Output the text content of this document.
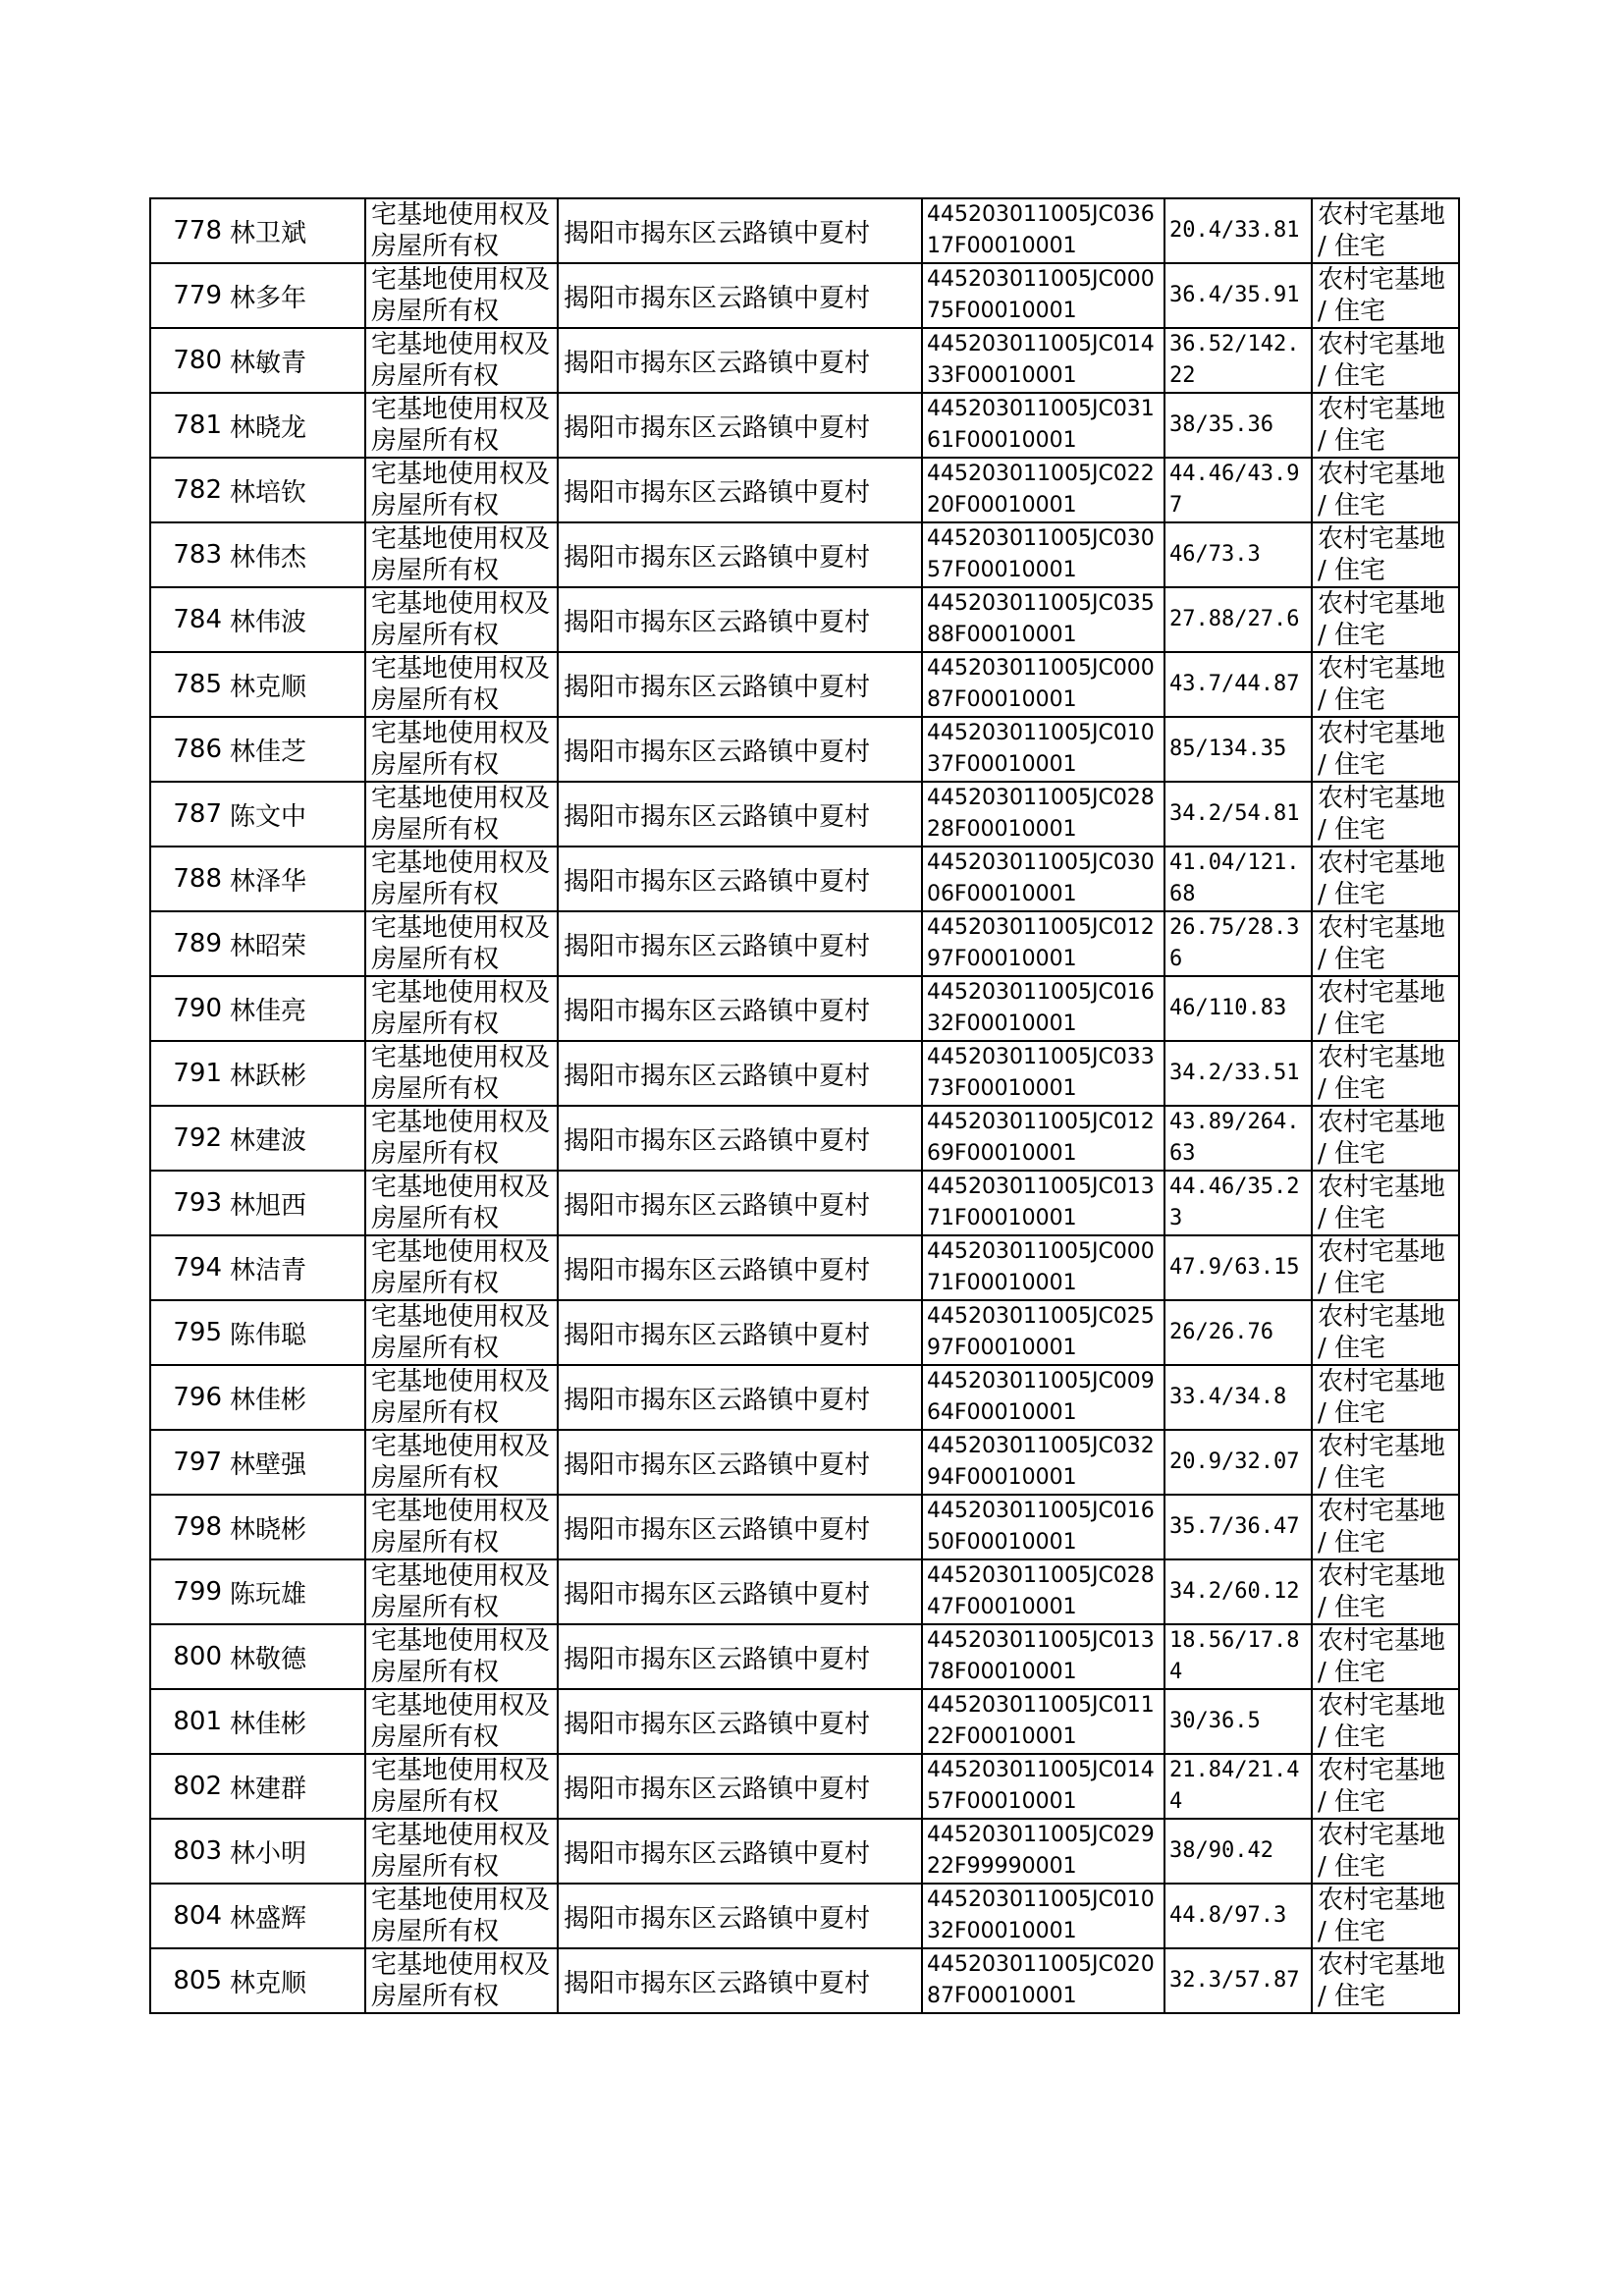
778	林卫斌	宅基地使用权及房屋所有权	揭阳市揭东区云路镇中夏村	445203011005JC03617F00010001	20.4/33.81	农村宅基地 / 住宅

779	林多年	宅基地使用权及房屋所有权	揭阳市揭东区云路镇中夏村	445203011005JC00075F00010001	36.4/35.91	农村宅基地 / 住宅

780	林敏青	宅基地使用权及房屋所有权	揭阳市揭东区云路镇中夏村	445203011005JC01433F00010001	36.52/142.22	农村宅基地 / 住宅

781	林晓龙	宅基地使用权及房屋所有权	揭阳市揭东区云路镇中夏村	445203011005JC03161F00010001	38/35.36	农村宅基地 / 住宅

782	林培钦	宅基地使用权及房屋所有权	揭阳市揭东区云路镇中夏村	445203011005JC02220F00010001	44.46/43.97	农村宅基地 / 住宅

783	林伟杰	宅基地使用权及房屋所有权	揭阳市揭东区云路镇中夏村	445203011005JC03057F00010001	46/73.3	农村宅基地 / 住宅

784	林伟波	宅基地使用权及房屋所有权	揭阳市揭东区云路镇中夏村	445203011005JC03588F00010001	27.88/27.6	农村宅基地 / 住宅

785	林克顺	宅基地使用权及房屋所有权	揭阳市揭东区云路镇中夏村	445203011005JC00087F00010001	43.7/44.87	农村宅基地 / 住宅

786	林佳芝	宅基地使用权及房屋所有权	揭阳市揭东区云路镇中夏村	445203011005JC01037F00010001	85/134.35	农村宅基地 / 住宅

787	陈文中	宅基地使用权及房屋所有权	揭阳市揭东区云路镇中夏村	445203011005JC02828F00010001	34.2/54.81	农村宅基地 / 住宅

788	林泽华	宅基地使用权及房屋所有权	揭阳市揭东区云路镇中夏村	445203011005JC03006F00010001	41.04/121.68	农村宅基地 / 住宅

789	林昭荣	宅基地使用权及房屋所有权	揭阳市揭东区云路镇中夏村	445203011005JC01297F00010001	26.75/28.36	农村宅基地 / 住宅

790	林佳亮	宅基地使用权及房屋所有权	揭阳市揭东区云路镇中夏村	445203011005JC01632F00010001	46/110.83	农村宅基地 / 住宅

791	林跃彬	宅基地使用权及房屋所有权	揭阳市揭东区云路镇中夏村	445203011005JC03373F00010001	34.2/33.51	农村宅基地 / 住宅

792	林建波	宅基地使用权及房屋所有权	揭阳市揭东区云路镇中夏村	445203011005JC01269F00010001	43.89/264.63	农村宅基地 / 住宅

793	林旭西	宅基地使用权及房屋所有权	揭阳市揭东区云路镇中夏村	445203011005JC01371F00010001	44.46/35.23	农村宅基地 / 住宅

794	林洁青	宅基地使用权及房屋所有权	揭阳市揭东区云路镇中夏村	445203011005JC00071F00010001	47.9/63.15	农村宅基地 / 住宅

795	陈伟聪	宅基地使用权及房屋所有权	揭阳市揭东区云路镇中夏村	445203011005JC02597F00010001	26/26.76	农村宅基地 / 住宅

796	林佳彬	宅基地使用权及房屋所有权	揭阳市揭东区云路镇中夏村	445203011005JC00964F00010001	33.4/34.8	农村宅基地 / 住宅

797	林壁强	宅基地使用权及房屋所有权	揭阳市揭东区云路镇中夏村	445203011005JC03294F00010001	20.9/32.07	农村宅基地 / 住宅

798	林晓彬	宅基地使用权及房屋所有权	揭阳市揭东区云路镇中夏村	445203011005JC01650F00010001	35.7/36.47	农村宅基地 / 住宅

799	陈玩雄	宅基地使用权及房屋所有权	揭阳市揭东区云路镇中夏村	445203011005JC02847F00010001	34.2/60.12	农村宅基地 / 住宅

800	林敬德	宅基地使用权及房屋所有权	揭阳市揭东区云路镇中夏村	445203011005JC01378F00010001	18.56/17.84	农村宅基地 / 住宅

801	林佳彬	宅基地使用权及房屋所有权	揭阳市揭东区云路镇中夏村	445203011005JC01122F00010001	30/36.5	农村宅基地 / 住宅

802	林建群	宅基地使用权及房屋所有权	揭阳市揭东区云路镇中夏村	445203011005JC01457F00010001	21.84/21.44	农村宅基地 / 住宅

803	林小明	宅基地使用权及房屋所有权	揭阳市揭东区云路镇中夏村	445203011005JC02922F99990001	38/90.42	农村宅基地 / 住宅

804	林盛辉	宅基地使用权及房屋所有权	揭阳市揭东区云路镇中夏村	445203011005JC01032F00010001	44.8/97.3	农村宅基地 / 住宅

805	林克顺	宅基地使用权及房屋所有权	揭阳市揭东区云路镇中夏村	445203011005JC02087F00010001	32.3/57.87	农村宅基地 / 住宅
